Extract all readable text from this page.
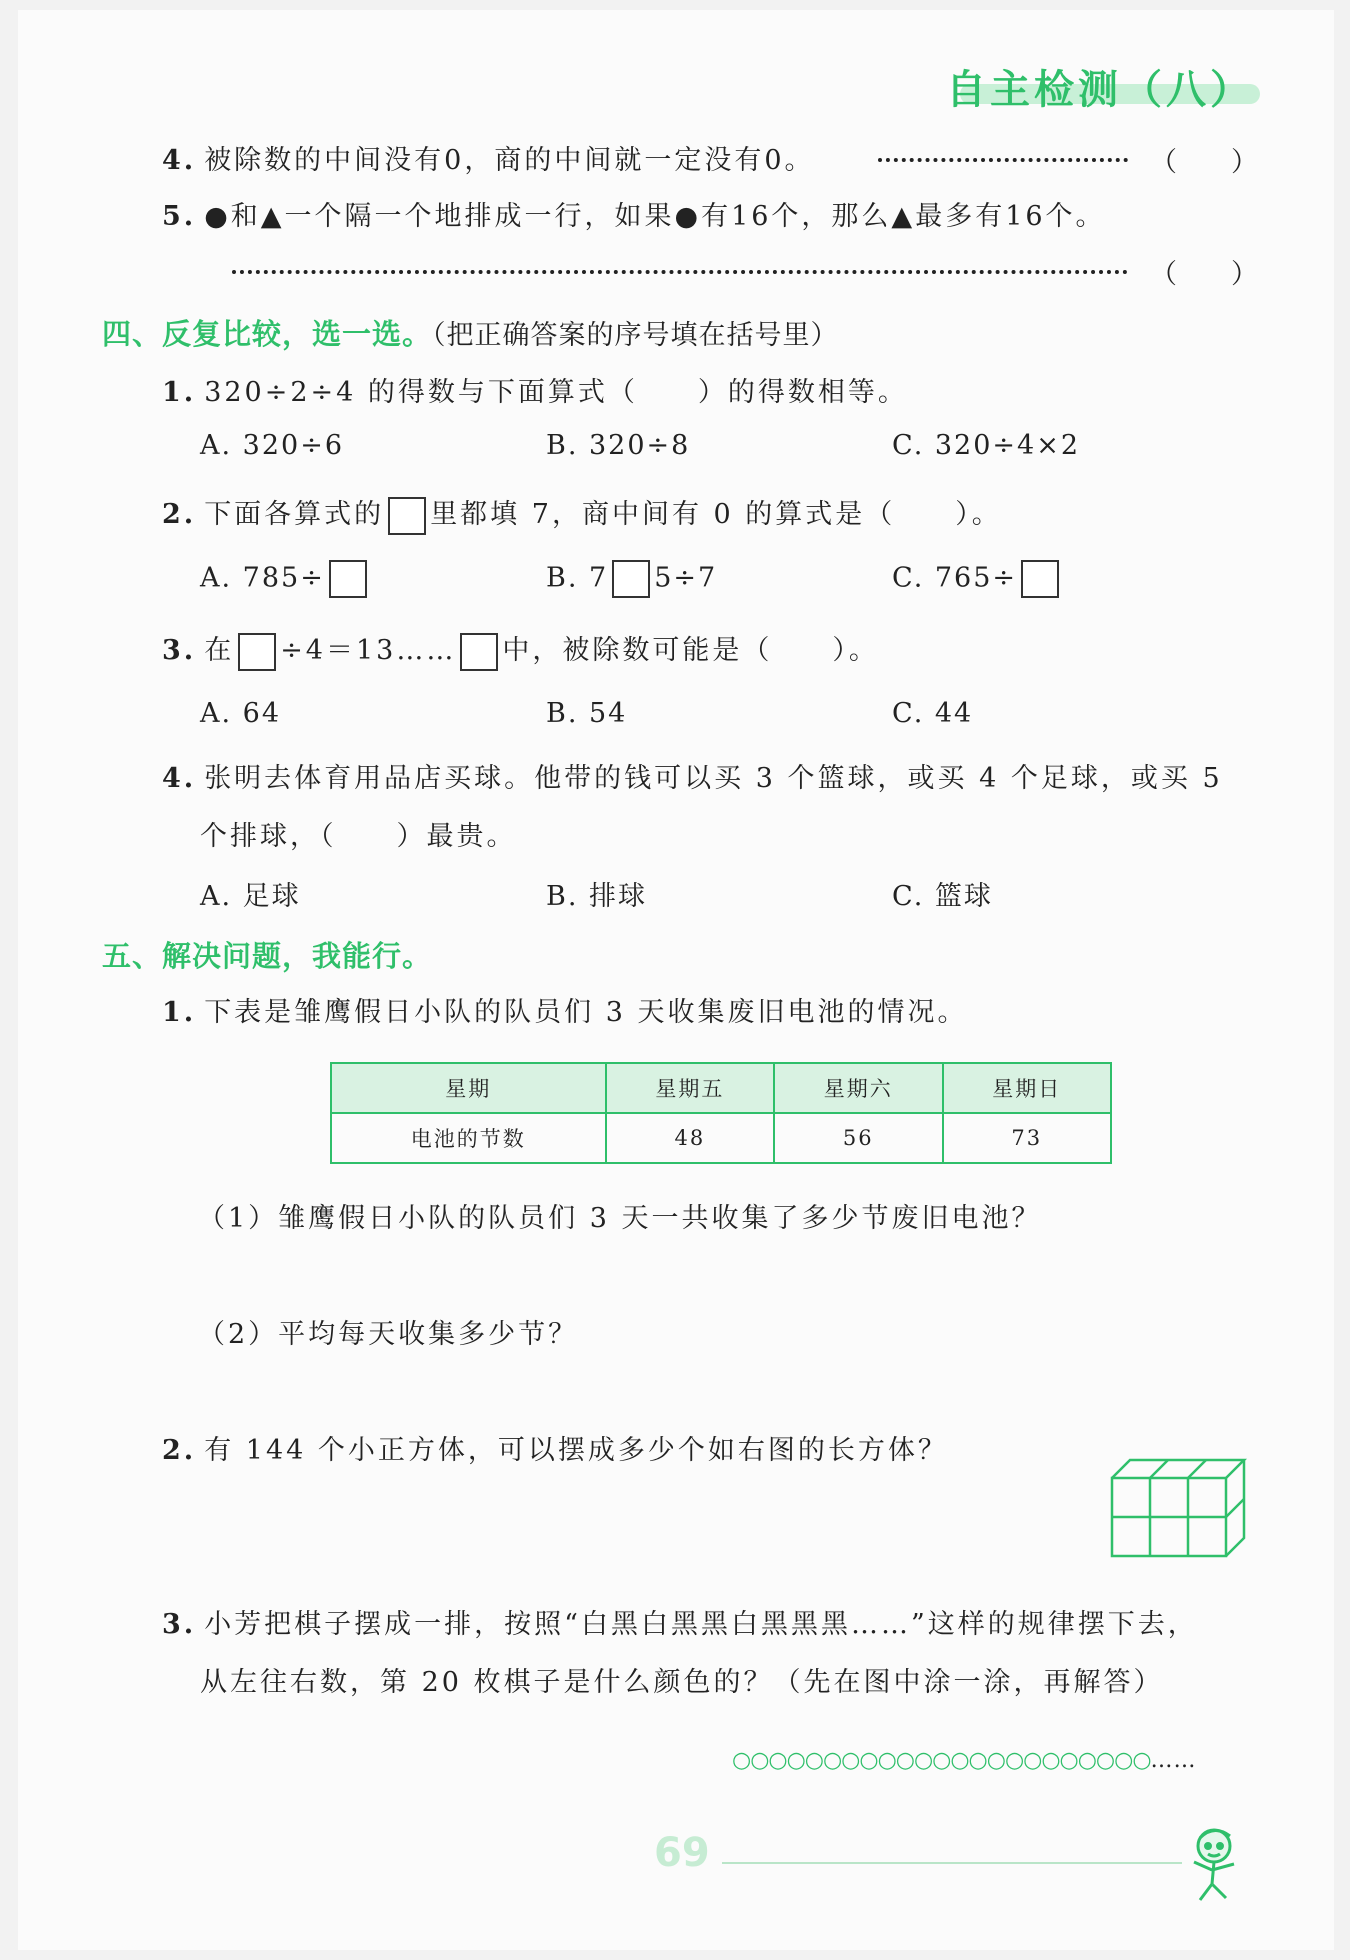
自主检测（八）
4. 被除数的中间没有0，商的中间就一定没有0。	（　　）
5. ●和▲一个隔一个地排成一行，如果●有16个，那么▲最多有16个。
（　　）
四、反复比较，选一选。（把正确答案的序号填在括号里）
1. 320÷2÷4 的得数与下面算式（　　）的得数相等。
A. 320÷6	B. 320÷8	C. 320÷4×2
2. 下面各算式的 里都填 7，商中间有 0 的算式是（　　）。
A. 785÷	B. 7 5÷7	C. 765÷
3. 在 ÷4＝13…… 中，被除数可能是（　　）。
A. 64	B. 54	C. 44
4. 张明去体育用品店买球。他带的钱可以买 3 个篮球，或买 4 个足球，或买 5
个排球，（　　）最贵。
A. 足球	B. 排球	C. 篮球
五、解决问题，我能行。
1. 下表是雏鹰假日小队的队员们 3 天收集废旧电池的情况。
星期	星期五	星期六	星期日
电池的节数	48	56	73
（1）雏鹰假日小队的队员们 3 天一共收集了多少节废旧电池？
（2）平均每天收集多少节？
2. 有 144 个小正方体，可以摆成多少个如右图的长方体？
3. 小芳把棋子摆成一排，按照“白黑白黑黑白黑黑黑……”这样的规律摆下去，
从左往右数，第 20 枚棋子是什么颜色的？（先在图中涂一涂，再解答）
○○○○○○○○○○○○○○○○○○○○○○○……
69
